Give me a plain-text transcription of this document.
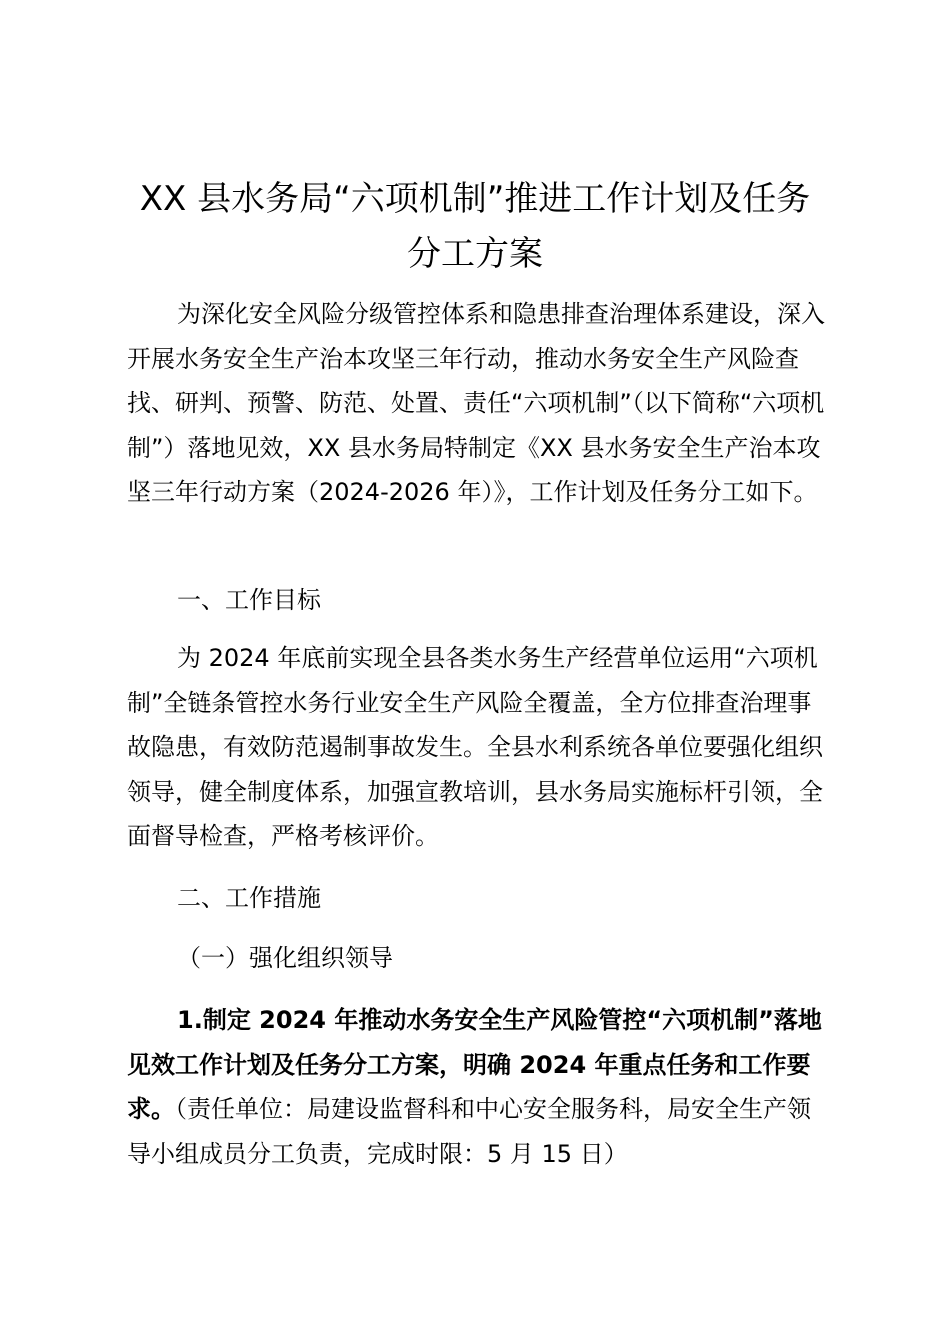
XX 县水务局“六项机制”推进工作计划及任务
分工方案

为深化安全风险分级管控体系和隐患排查治理体系建设，深入开展水务安全生产治本攻坚三年行动，推动水务安全生产风险查找、研判、预警、防范、处置、责任“六项机制”（以下简称“六项机制”）落地见效，XX 县水务局特制定《XX 县水务安全生产治本攻坚三年行动方案（2024-2026 年）》，工作计划及任务分工如下。

一、工作目标

为 2024 年底前实现全县各类水务生产经营单位运用“六项机制”全链条管控水务行业安全生产风险全覆盖，全方位排查治理事故隐患，有效防范遏制事故发生。全县水利系统各单位要强化组织领导，健全制度体系，加强宣教培训，县水务局实施标杆引领，全面督导检查，严格考核评价。

二、工作措施

（一）强化组织领导

1.制定 2024 年推动水务安全生产风险管控“六项机制”落地见效工作计划及任务分工方案，明确 2024 年重点任务和工作要求。（责任单位：局建设监督科和中心安全服务科，局安全生产领导小组成员分工负责，完成时限：5 月 15 日）
